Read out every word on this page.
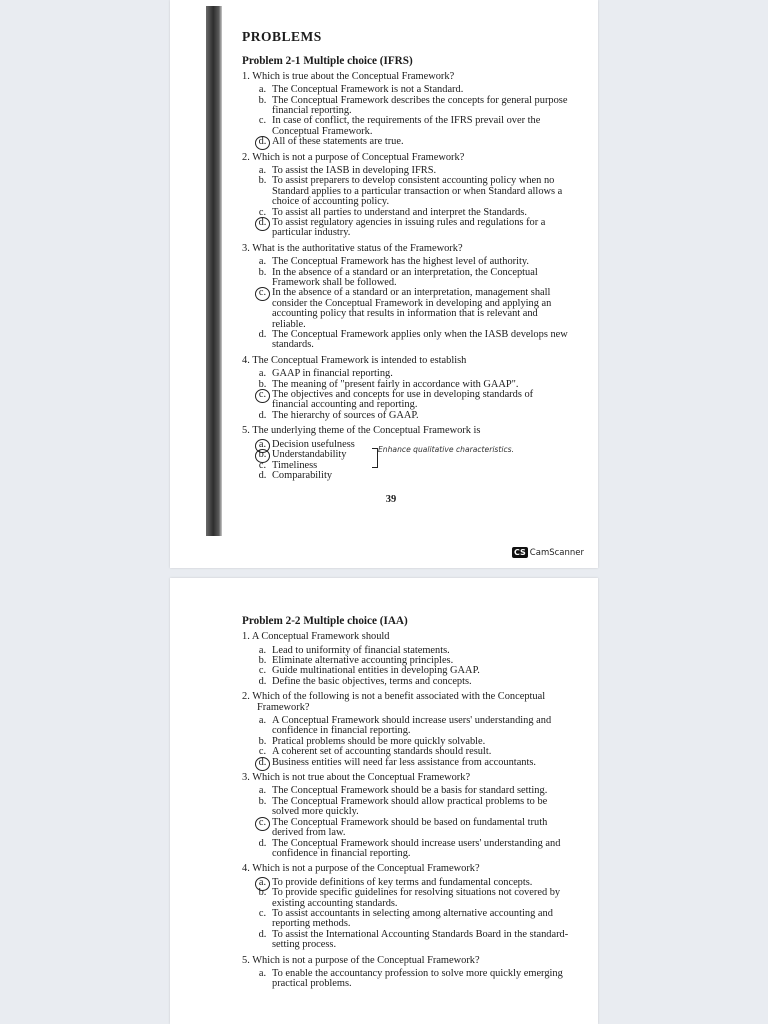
PROBLEMS
Problem 2-1 Multiple choice (IFRS)
1. Which is true about the Conceptual Framework?
a. The Conceptual Framework is not a Standard.
b. The Conceptual Framework describes the concepts for general purpose financial reporting.
c. In case of conflict, the requirements of the IFRS prevail over the Conceptual Framework.
d. All of these statements are true.
2. Which is not a purpose of Conceptual Framework?
a. To assist the IASB in developing IFRS.
b. To assist preparers to develop consistent accounting policy when no Standard applies to a particular transaction or when Standard allows a choice of accounting policy.
c. To assist all parties to understand and interpret the Standards.
d. To assist regulatory agencies in issuing rules and regulations for a particular industry.
3. What is the authoritative status of the Framework?
a. The Conceptual Framework has the highest level of authority.
b. In the absence of a standard or an interpretation, the Conceptual Framework shall be followed.
c. In the absence of a standard or an interpretation, management shall consider the Conceptual Framework in developing and applying an accounting policy that results in information that is relevant and reliable.
d. The Conceptual Framework applies only when the IASB develops new standards.
4. The Conceptual Framework is intended to establish
a. GAAP in financial reporting.
b. The meaning of "present fairly in accordance with GAAP".
c. The objectives and concepts for use in developing standards of financial accounting and reporting.
d. The hierarchy of sources of GAAP.
5. The underlying theme of the Conceptual Framework is
a. Decision usefulness
b. Understandability
c. Timeliness
d. Comparability
39
Enhance qualitative characteristics.
CS CamScanner
Problem 2-2 Multiple choice (IAA)
1. A Conceptual Framework should
a. Lead to uniformity of financial statements.
b. Eliminate alternative accounting principles.
c. Guide multinational entities in developing GAAP.
d. Define the basic objectives, terms and concepts.
2. Which of the following is not a benefit associated with the Conceptual Framework?
a. A Conceptual Framework should increase users' understanding and confidence in financial reporting.
b. Pratical problems should be more quickly solvable.
c. A coherent set of accounting standards should result.
d. Business entities will need far less assistance from accountants.
3. Which is not true about the Conceptual Framework?
a. The Conceptual Framework should be a basis for standard setting.
b. The Conceptual Framework should allow practical problems to be solved more quickly.
c. The Conceptual Framework should be based on fundamental truth derived from law.
d. The Conceptual Framework should increase users' understanding and confidence in financial reporting.
4. Which is not a purpose of the Conceptual Framework?
a. To provide definitions of key terms and fundamental concepts.
b. To provide specific guidelines for resolving situations not covered by existing accounting standards.
c. To assist accountants in selecting among alternative accounting and reporting methods.
d. To assist the International Accounting Standards Board in the standard-setting process.
5. Which is not a purpose of the Conceptual Framework?
a. To enable the accountancy profession to solve more quickly emerging practical problems.
